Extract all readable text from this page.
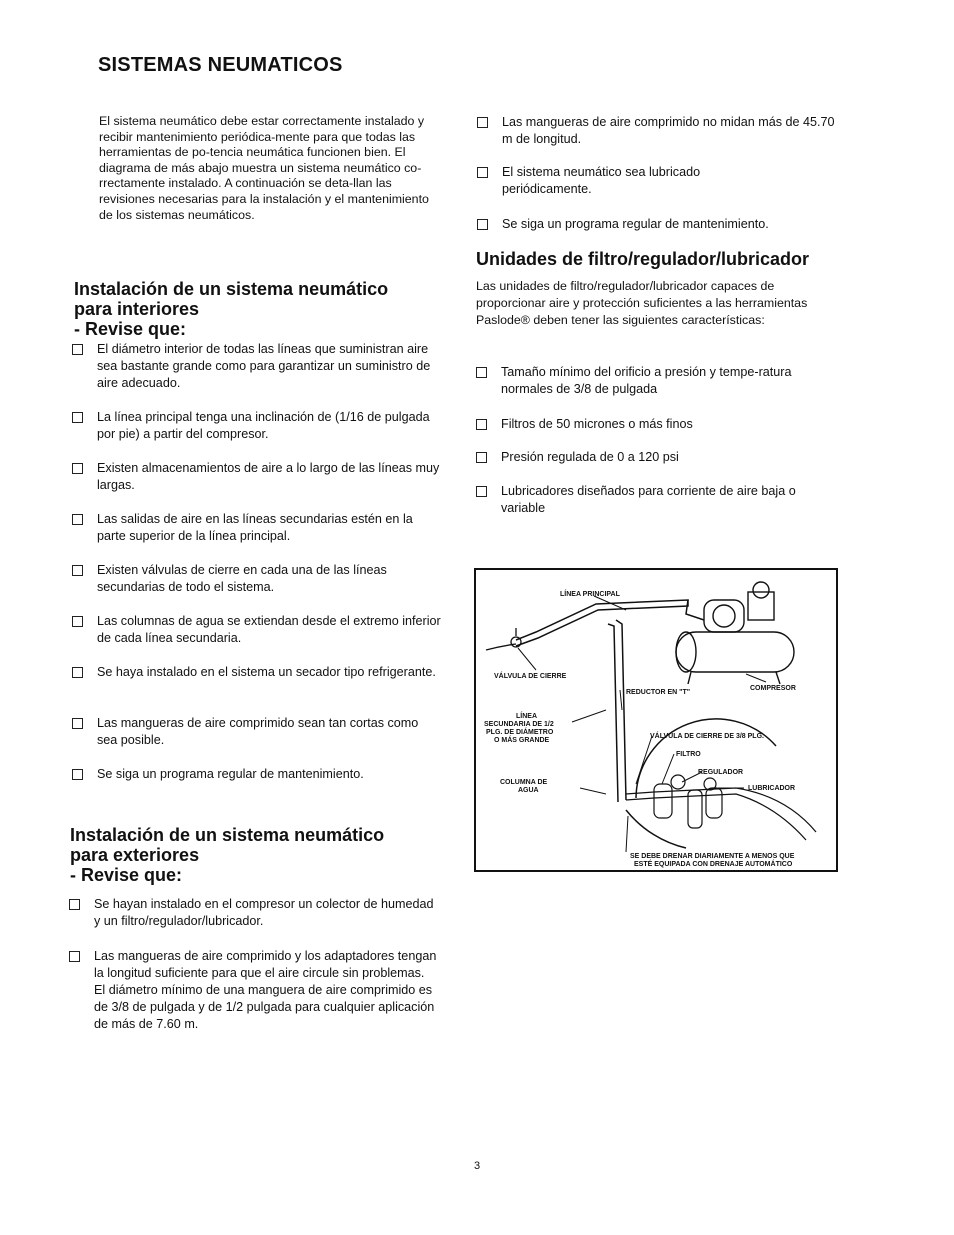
SISTEMAS NEUMATICOS
El sistema neumático debe estar correctamente instalado y recibir mantenimiento periódica-mente para que todas las herramientas de po-tencia neumática funcionen bien. El diagrama de más abajo muestra un sistema neumático co-rrectamente instalado. A continuación se deta-llan las revisiones necesarias para la instalación y el mantenimiento de los sistemas neumáticos.
Instalación de un sistema neumático
para interiores
- Revise que:
El diámetro interior de todas las líneas que suministran aire sea bastante grande como para garantizar un suministro de aire adecuado.
La línea principal tenga una inclinación de (1/16 de pulgada por pie) a partir del compresor.
Existen almacenamientos de aire a lo largo de las líneas muy largas.
Las salidas de aire en las líneas secundarias estén en la parte superior de la línea principal.
Existen válvulas de cierre en cada una de las líneas secundarias de todo el sistema.
Las columnas de agua se extiendan desde el extremo inferior de cada línea secundaria.
Se haya instalado en el sistema un secador tipo refrigerante.
Las mangueras de aire comprimido sean tan cortas como sea posible.
Se siga un programa regular de mantenimiento.
Instalación de un sistema neumático
para exteriores
- Revise que:
Se hayan instalado en el compresor un colector de humedad y un filtro/regulador/lubricador.
Las mangueras de aire comprimido y los adaptadores tengan la longitud suficiente para que el aire circule sin problemas. El diámetro mínimo de una manguera de aire comprimido es de 3/8 de pulgada y de 1/2 pulgada para cualquier aplicación de más de 7.60 m.
Las mangueras de aire comprimido no midan más de 45.70 m de longitud.
El sistema neumático sea lubricado periódicamente.
Se siga un programa regular de mantenimiento.
Unidades de filtro/regulador/lubricador
Las unidades de filtro/regulador/lubricador capaces de proporcionar aire y protección suficientes a las herramientas Paslode® deben tener las siguientes características:
Tamaño mínimo del orificio a presión y tempe-ratura normales de 3/8 de pulgada
Filtros de 50 micrones o más finos
Presión regulada de 0 a 120 psi
Lubricadores diseñados para corriente de aire baja o variable
LÍNEA PRINCIPAL
VÁLVULA DE CIERRE
REDUCTOR EN "T"
COMPRESOR
LÍNEA
SECUNDARIA DE 1/2
PLG. DE DIÁMETRO
O MÁS GRANDE
VÁLVULA DE CIERRE DE 3/8 PLG.
FILTRO
REGULADOR
LUBRICADOR
COLUMNA DE
AGUA
SE DEBE DRENAR DIARIAMENTE A MENOS QUE
ESTÉ EQUIPADA CON DRENAJE AUTOMÁTICO
3
